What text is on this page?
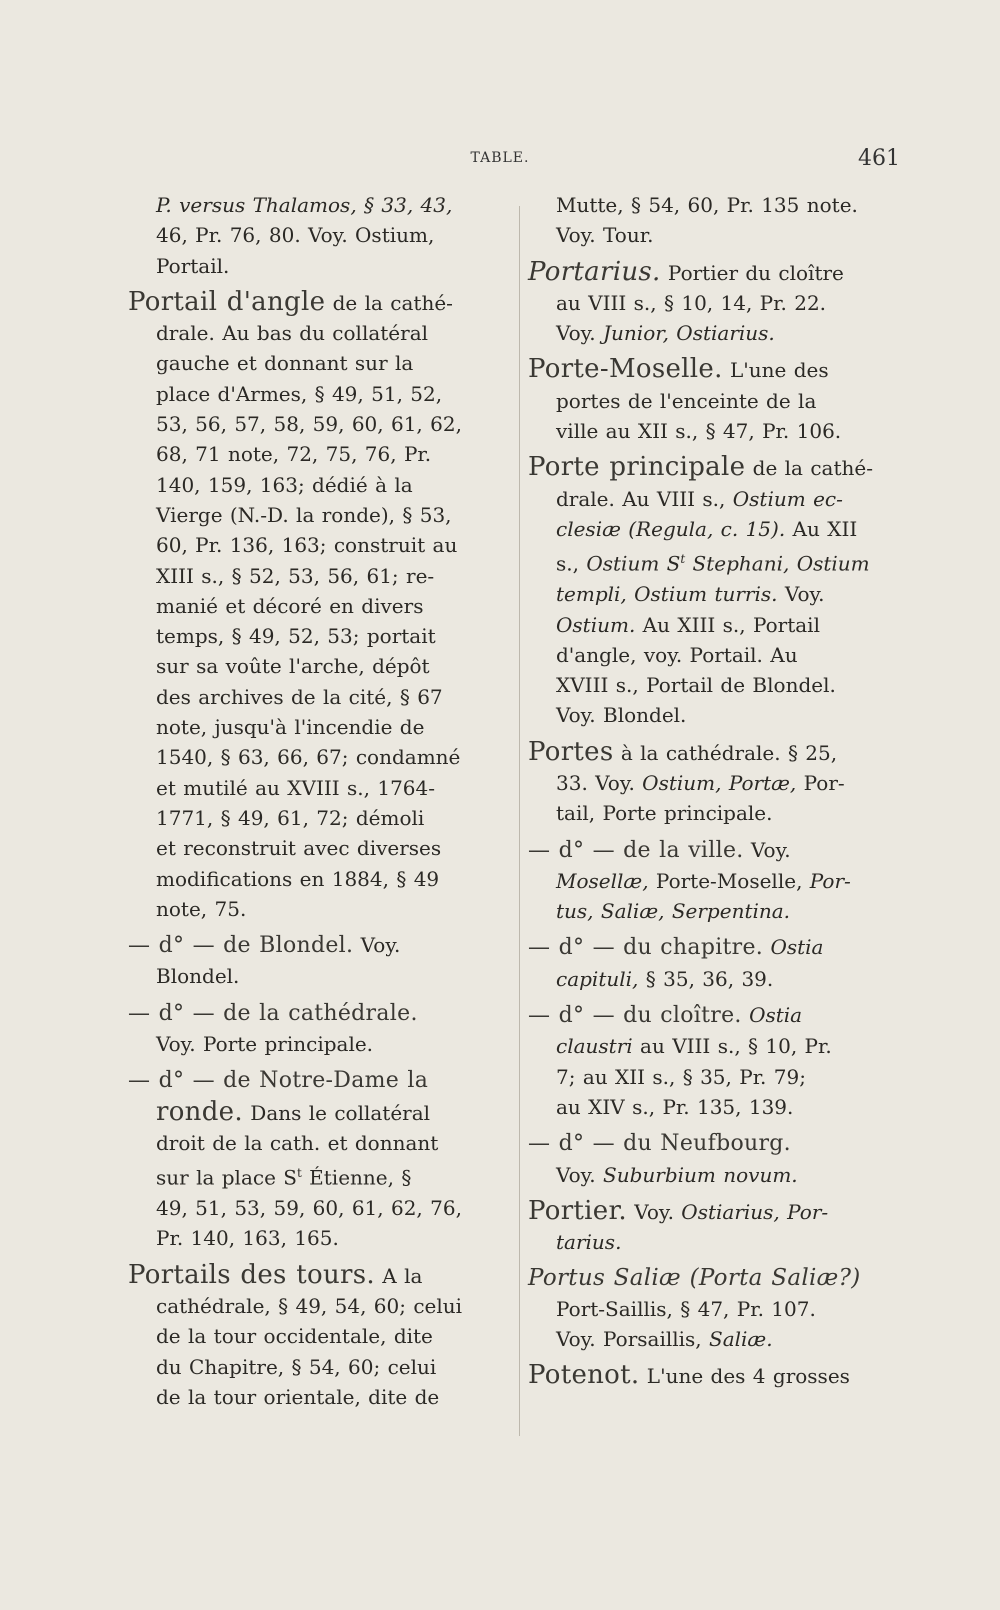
TABLE.	461
P. versus Thalamos, § 33, 43,
46, Pr. 76, 80. Voy. Ostium,
Portail.
Portail d'angle de la cathé-
drale. Au bas du collatéral
gauche et donnant sur la
place d'Armes, § 49, 51, 52,
53, 56, 57, 58, 59, 60, 61, 62,
68, 71 note, 72, 75, 76, Pr.
140, 159, 163; dédié à la
Vierge (N.-D. la ronde), § 53,
60, Pr. 136, 163; construit au
XIII s., § 52, 53, 56, 61; re-
manié et décoré en divers
temps, § 49, 52, 53; portait
sur sa voûte l'arche, dépôt
des archives de la cité, § 67
note, jusqu'à l'incendie de
1540, § 63, 66, 67; condamné
et mutilé au XVIII s., 1764-
1771, § 49, 61, 72; démoli
et reconstruit avec diverses
modifications en 1884, § 49
note, 75.
— d° — de Blondel. Voy.
Blondel.
— d° — de la cathédrale.
Voy. Porte principale.
— d° — de Notre-Dame la
ronde. Dans le collatéral
droit de la cath. et donnant
sur la place $S^t$ Étienne, §
49, 51, 53, 59, 60, 61, 62, 76,
Pr. 140, 163, 165.
Portails des tours. A la
cathédrale, § 49, 54, 60; celui
de la tour occidentale, dite
du Chapitre, § 54, 60; celui
de la tour orientale, dite de
Mutte, § 54, 60, Pr. 135 note.
Voy. Tour.
Portarius. Portier du cloître
au VIII s., § 10, 14, Pr. 22.
Voy. Junior, Ostiarius.
Porte-Moselle. L'une des
portes de l'enceinte de la
ville au XII s., § 47, Pr. 106.
Porte principale de la cathé-
drale. Au VIII s., Ostium ec-
clesiæ (Regula, c. 15). Au XII
s., Ostium $S^t$ Stephani, Ostium
templi, Ostium turris. Voy.
Ostium. Au XIII s., Portail
d'angle, voy. Portail. Au
XVIII s., Portail de Blondel.
Voy. Blondel.
Portes à la cathédrale. § 25,
33. Voy. Ostium, Portæ, Por-
tail, Porte principale.
— d° — de la ville. Voy.
Mosellæ, Porte-Moselle, Por-
tus, Saliæ, Serpentina.
— d° — du chapitre. Ostia
capituli, § 35, 36, 39.
— d° — du cloître. Ostia
claustri au VIII s., § 10, Pr.
7; au XII s., § 35, Pr. 79;
au XIV s., Pr. 135, 139.
— d° — du Neufbourg.
Voy. Suburbium novum.
Portier. Voy. Ostiarius, Por-
tarius.
Portus Saliæ (Porta Saliæ?)
Port-Saillis, § 47, Pr. 107.
Voy. Porsaillis, Saliæ.
Potenot. L'une des 4 grosses
